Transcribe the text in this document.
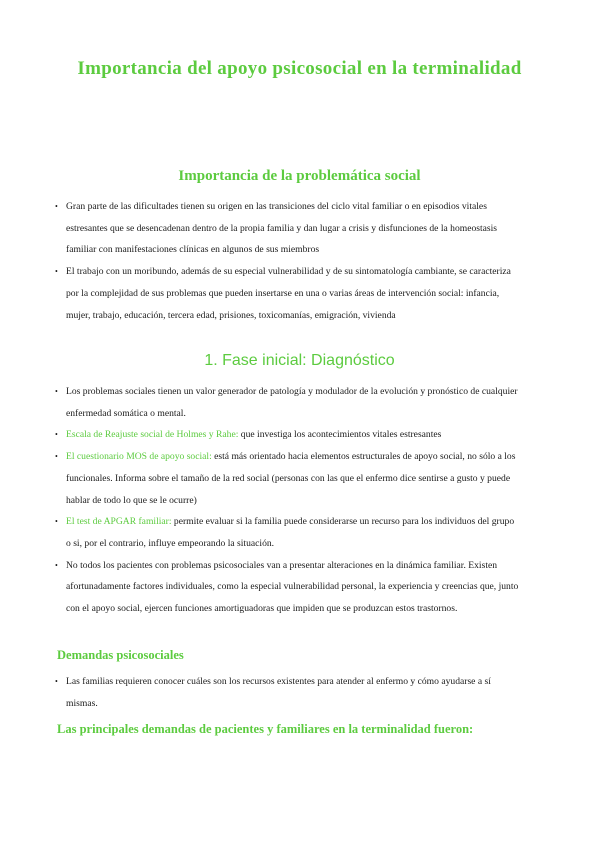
Importancia del apoyo psicosocial en la terminalidad
Importancia de la problemática social
• Gran parte de las dificultades tienen su origen en las transiciones del ciclo vital familiar o en episodios vitales estresantes que se desencadenan dentro de la propia familia y dan lugar a crisis y disfunciones de la homeostasis familiar con manifestaciones clínicas en algunos de sus miembros
• El trabajo con un moribundo, además de su especial vulnerabilidad y de su sintomatología cambiante, se caracteriza por la complejidad de sus problemas que pueden insertarse en una o varias áreas de intervención social: infancia, mujer, trabajo, educación, tercera edad, prisiones, toxicomanías, emigración, vivienda
1. Fase inicial: Diagnóstico
• Los problemas sociales tienen un valor generador de patología y modulador de la evolución y pronóstico de cualquier enfermedad somática o mental.
• Escala de Reajuste social de Holmes y Rahe: que investiga los acontecimientos vitales estresantes
• El cuestionario MOS de apoyo social: está más orientado hacia elementos estructurales de apoyo social, no sólo a los funcionales. Informa sobre el tamaño de la red social (personas con las que el enfermo dice sentirse a gusto y puede hablar de todo lo que se le ocurre)
• El test de APGAR familiar: permite evaluar si la familia puede considerarse un recurso para los individuos del grupo o si, por el contrario, influye empeorando la situación.
• No todos los pacientes con problemas psicosociales van a presentar alteraciones en la dinámica familiar. Existen afortunadamente factores individuales, como la especial vulnerabilidad personal, la experiencia y creencias que, junto con el apoyo social, ejercen funciones amortiguadoras que impiden que se produzcan estos trastornos.
Demandas psicosociales
• Las familias requieren conocer cuáles son los recursos existentes para atender al enfermo y cómo ayudarse a sí mismas.
Las principales demandas de pacientes y familiares en la terminalidad fueron:
